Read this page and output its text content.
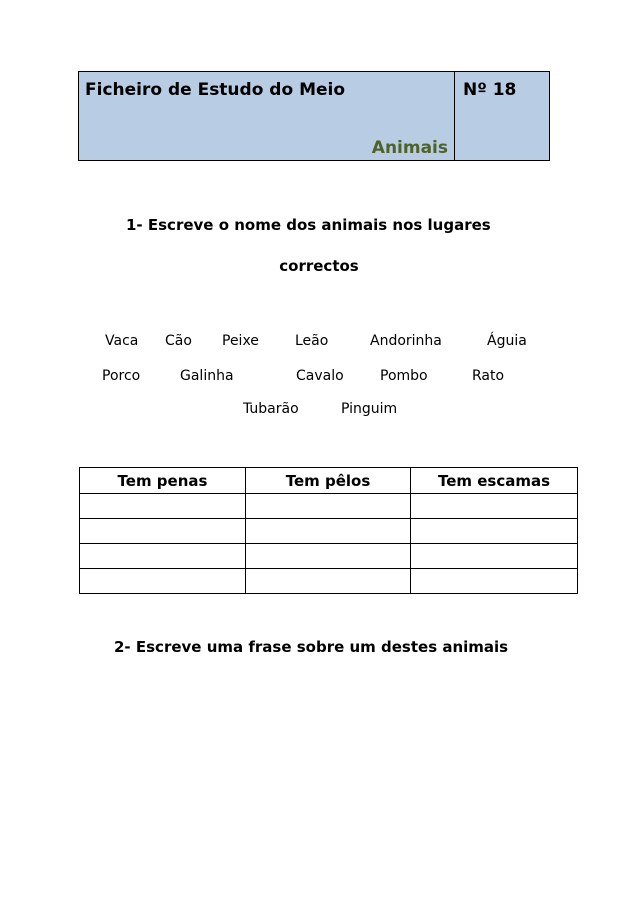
Ficheiro de Estudo do Meio
Animais

Nº 18
1- Escreve o nome dos animais nos lugares
correctos
Vaca Cão Peixe	Leão	Andorinha	Águia
Porco	Galinha	Cavalo	Pombo	Rato
Tubarão	Pinguim
Tem penas	Tem pêlos	Tem escamas

2- Escreve uma frase sobre um destes animais
